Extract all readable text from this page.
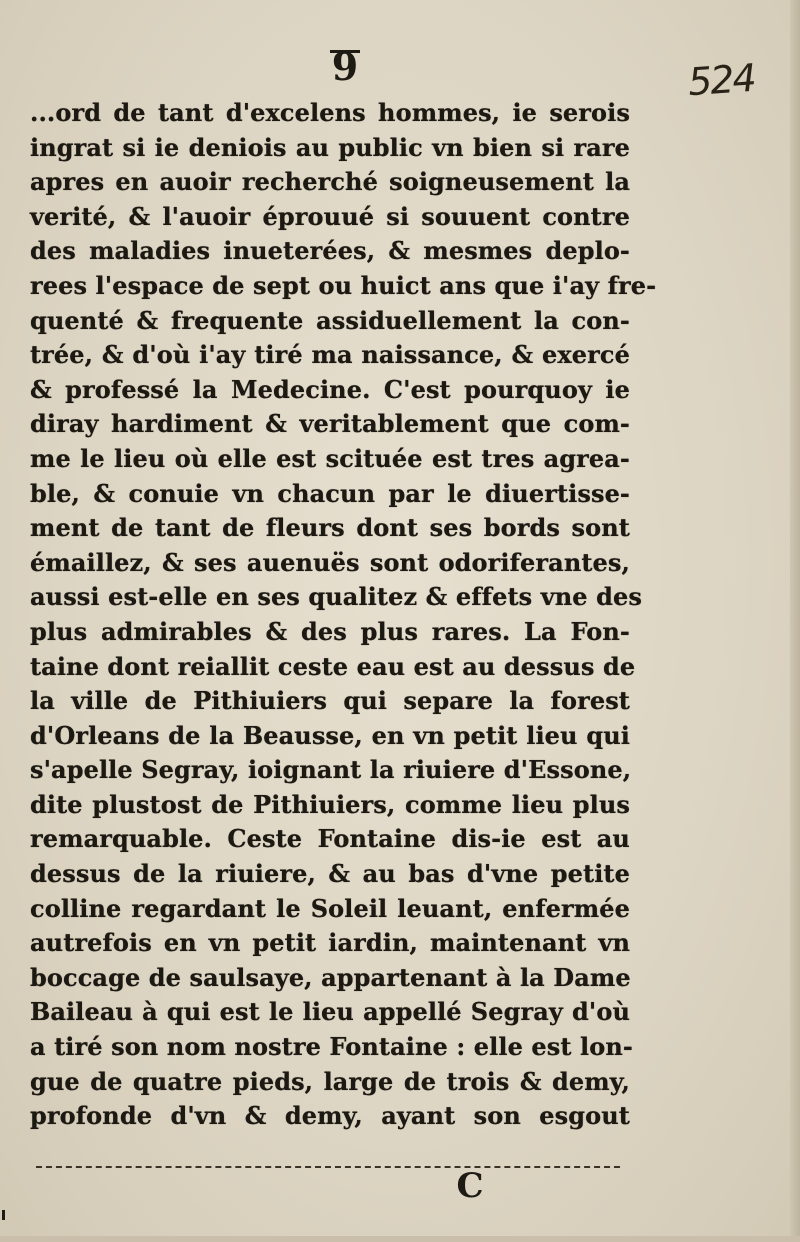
9	524
...ord de tant d'excelens hommes, ie serois
ingrat si ie deniois au public vn bien si rare
apres en auoir recherché soigneusement la
verité, & l'auoir éprouué si souuent contre
des maladies inueterées, & mesmes deplo-
rees l'espace de sept ou huict ans que i'ay fre-
quenté & frequente assiduellement la con-
trée, & d'où i'ay tiré ma naissance, & exercé
& professé la Medecine. C'est pourquoy ie
diray hardiment & veritablement que com-
me le lieu où elle est scituée est tres agrea-
ble, & conuie vn chacun par le diuertisse-
ment de tant de fleurs dont ses bords sont
émaillez, & ses auenuës sont odoriferantes,
aussi est-elle en ses qualitez & effets vne des
plus admirables & des plus rares. La Fon-
taine dont reiallit ceste eau est au dessus de
la ville de Pithiuiers qui separe la forest
d'Orleans de la Beausse, en vn petit lieu qui
s'apelle Segray, ioignant la riuiere d'Essone,
dite plustost de Pithiuiers, comme lieu plus
remarquable. Ceste Fontaine dis-ie est au
dessus de la riuiere, & au bas d'vne petite
colline regardant le Soleil leuant, enfermée
autrefois en vn petit iardin, maintenant vn
boccage de saulsaye, appartenant à la Dame
Baileau à qui est le lieu appellé Segray d'où
a tiré son nom nostre Fontaine : elle est lon-
gue de quatre pieds, large de trois & demy,
profonde d'vn & demy, ayant son esgout
C
